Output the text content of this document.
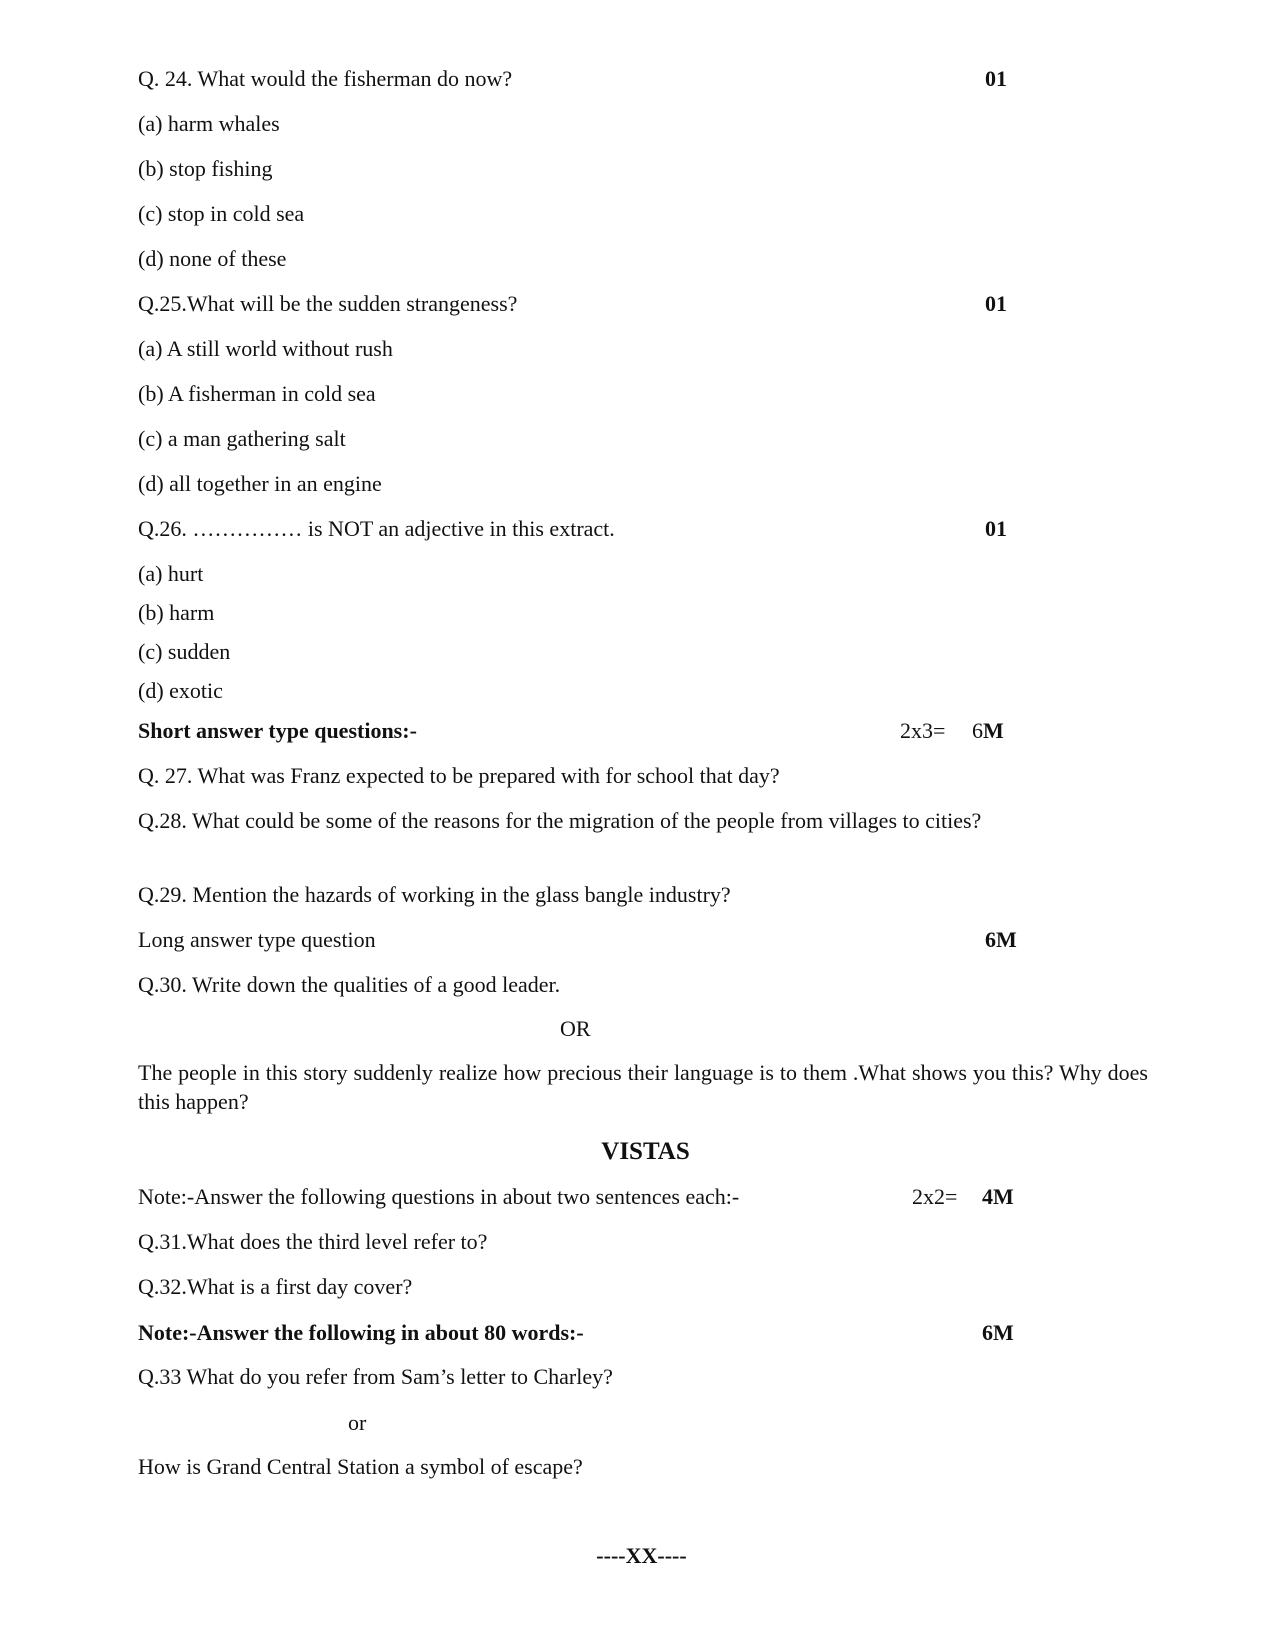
Q. 24. What would the fisherman do now?	01
(a) harm whales
(b) stop fishing
(c) stop in cold sea
(d) none of these
Q.25.What will be the sudden strangeness?	01
(a) A still world without rush
(b) A fisherman in cold sea
(c) a man gathering salt
(d) all together in an engine
Q.26. …………… is NOT an adjective in this extract.	01
(a) hurt
(b) harm
(c) sudden
(d) exotic
Short answer type questions:-	2x3= 6M
Q. 27. What was Franz expected to be prepared with for school that day?
Q.28. What could be some of the reasons for the migration of the people from villages to cities?
Q.29. Mention the hazards of working in the glass bangle industry?
Long answer type question	6M
Q.30. Write down the qualities of a good leader.
OR
The people in this story suddenly realize how precious their language is to them .What shows you this? Why does this happen?
VISTAS
Note:-Answer the following questions in about two sentences each:-	2x2= 4M
Q.31.What does the third level refer to?
Q.32.What is a first day cover?
Note:-Answer the following in about 80 words:-	6M
Q.33 What do you refer from Sam’s letter to Charley?
or
How is Grand Central Station a symbol of escape?
----XX----
